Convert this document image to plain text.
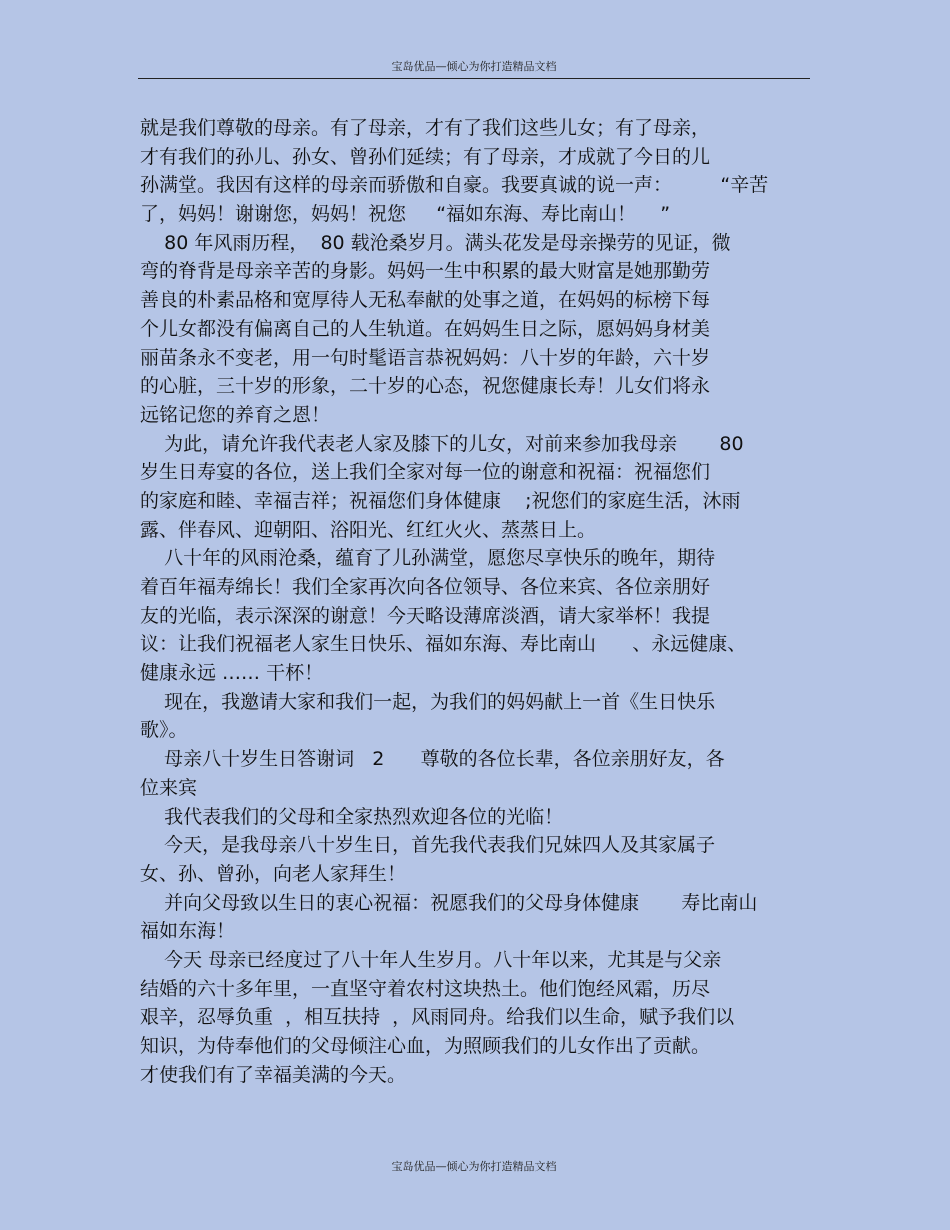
宝岛优品—倾心为你打造精品文档
就是我们尊敬的母亲。有了母亲，才有了我们这些儿女；有了母亲，
才有我们的孙儿、孙女、曾孙们延续；有了母亲，才成就了今日的儿
孙满堂。我因有这样的母亲而骄傲和自豪。我要真诚的说一声：        “辛苦
了，妈妈！谢谢您，妈妈！祝您     “福如东海、寿比南山！    ”
80 年风雨历程，  80 载沧桑岁月。满头花发是母亲操劳的见证，微
弯的脊背是母亲辛苦的身影。妈妈一生中积累的最大财富是她那勤劳
善良的朴素品格和宽厚待人无私奉献的处事之道，在妈妈的标榜下每
个儿女都没有偏离自己的人生轨道。在妈妈生日之际，愿妈妈身材美
丽苗条永不变老，用一句时髦语言恭祝妈妈：八十岁的年龄，六十岁
的心脏，三十岁的形象，二十岁的心态，祝您健康长寿！儿女们将永
远铭记您的养育之恩！
为此，请允许我代表老人家及膝下的儿女，对前来参加我母亲       80
岁生日寿宴的各位，送上我们全家对每一位的谢意和祝福：祝福您们
的家庭和睦、幸福吉祥；祝福您们身体健康    ;祝您们的家庭生活，沐雨
露、伴春风、迎朝阳、浴阳光、红红火火、蒸蒸日上。
八十年的风雨沧桑，蕴育了儿孙满堂，愿您尽享快乐的晚年，期待
着百年福寿绵长！我们全家再次向各位领导、各位来宾、各位亲朋好
友的光临，表示深深的谢意！今天略设薄席淡酒，请大家举杯！我提
议：让我们祝福老人家生日快乐、福如东海、寿比南山      、永远健康、
健康永远 …… 干杯！
现在，我邀请大家和我们一起，为我们的妈妈献上一首《生日快乐
歌》。
母亲八十岁生日答谢词   2      尊敬的各位长辈，各位亲朋好友，各
位来宾
我代表我们的父母和全家热烈欢迎各位的光临！
今天，是我母亲八十岁生日，首先我代表我们兄妹四人及其家属子
女、孙、曾孙，向老人家拜生！
并向父母致以生日的衷心祝福：祝愿我们的父母身体健康       寿比南山
福如东海！
今天 母亲已经度过了八十年人生岁月。八十年以来，尤其是与父亲
结婚的六十多年里，一直坚守着农村这块热土。他们饱经风霜，历尽
艰辛，忍辱负重  ，相互扶持  ，风雨同舟。给我们以生命，赋予我们以
知识，为侍奉他们的父母倾注心血，为照顾我们的儿女作出了贡献。
才使我们有了幸福美满的今天。
宝岛优品—倾心为你打造精品文档
